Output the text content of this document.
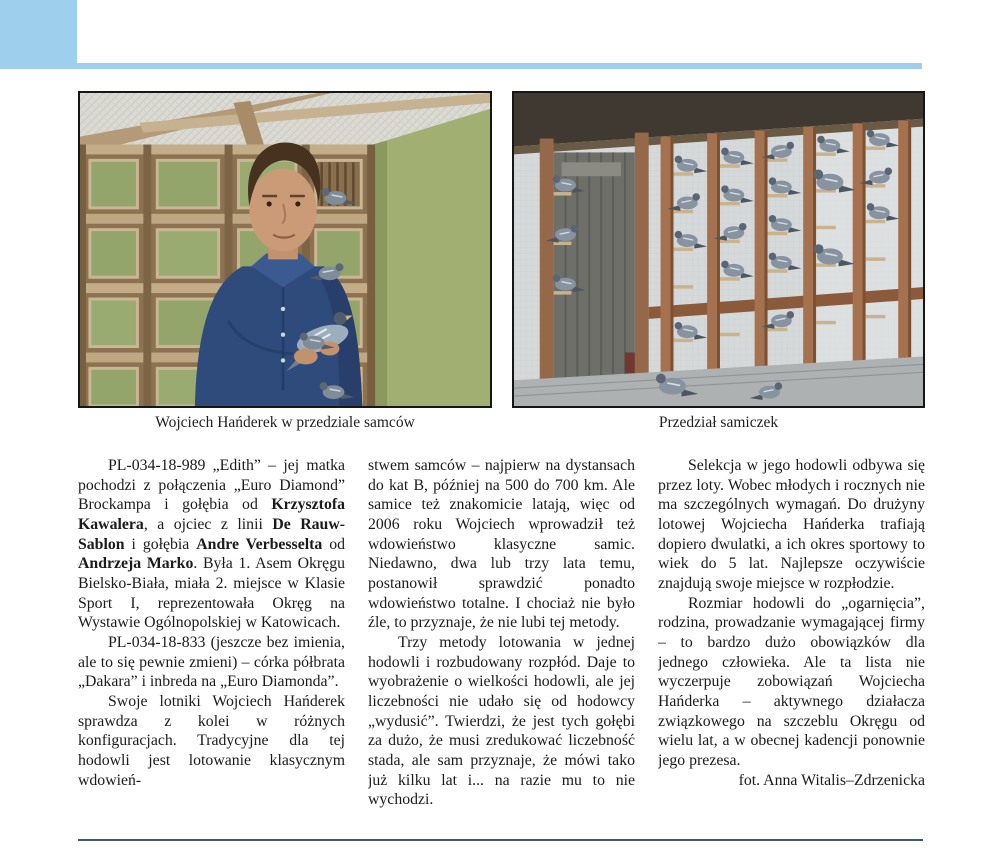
Wojciech Hańderek w przedziale samców	Przedział samiczek

PL-034-18-989 „Edith” – jej matka pochodzi z połączenia „Euro Diamond” Brockampa i gołębia od Krzysztofa Kawalera, a ojciec z linii De Rauw-Sablon i gołębia Andre Verbesselta od Andrzeja Marko. Była 1. Asem Okręgu Bielsko-Biała, miała 2. miejsce w Klasie Sport I, reprezentowała Okręg na Wystawie Ogólnopolskiej w Katowicach.

PL-034-18-833 (jeszcze bez imienia, ale to się pewnie zmieni) – córka półbrata „Dakara” i inbreda na „Euro Diamonda”.

Swoje lotniki Wojciech Hańderek sprawdza z kolei w różnych konfiguracjach. Tradycyjne dla tej hodowli jest lotowanie klasycznym wdowień-

stwem samców – najpierw na dystansach do kat B, później na 500 do 700 km. Ale samice też znakomicie latają, więc od 2006 roku Wojciech wprowadził też wdowieństwo klasyczne samic. Niedawno, dwa lub trzy lata temu, postanowił sprawdzić ponadto wdowieństwo totalne. I chociaż nie było źle, to przyznaje, że nie lubi tej metody.

Trzy metody lotowania w jednej hodowli i rozbudowany rozpłód. Daje to wyobrażenie o wielkości hodowli, ale jej liczebności nie udało się od hodowcy „wydusić”. Twierdzi, że jest tych gołębi za dużo, że musi zredukować liczebność stada, ale sam przyznaje, że mówi tako już kilku lat i... na razie mu to nie wychodzi.

Selekcja w jego hodowli odbywa się przez loty. Wobec młodych i rocznych nie ma szczególnych wymagań. Do drużyny lotowej Wojciecha Hańderka trafiają dopiero dwulatki, a ich okres sportowy to wiek do 5 lat. Najlepsze oczywiście znajdują swoje miejsce w rozpłodzie.

Rozmiar hodowli do „ogarnięcia”, rodzina, prowadzanie wymagającej firmy – to bardzo dużo obowiązków dla jednego człowieka. Ale ta lista nie wyczerpuje zobowiązań Wojciecha Hańderka – aktywnego działacza związkowego na szczeblu Okręgu od wielu lat, a w obecnej kadencji ponownie jego prezesa.

fot. Anna Witalis–Zdrzenicka
